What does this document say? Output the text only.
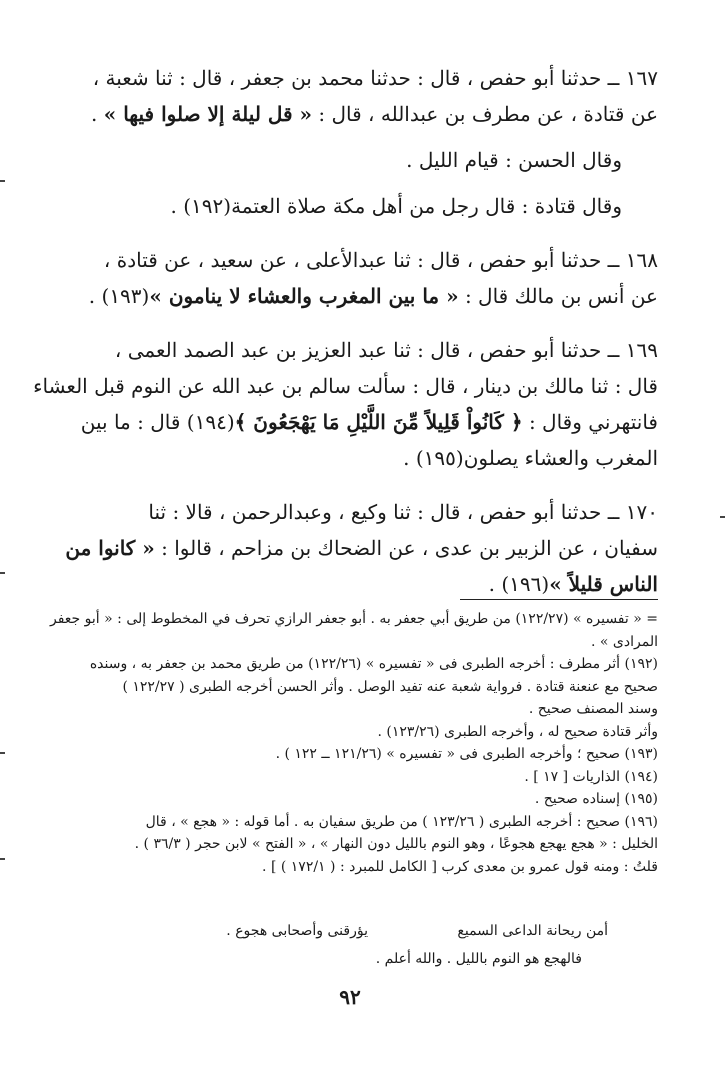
١٦٧ ــ حدثنا أبو حفص ، قال : حدثنا محمد بن جعفر ، قال : ثنا شعبة ،
عن قتادة ، عن مطرف بن عبدالله ، قال : « قل ليلة إلا صلوا فيها » .
وقال الحسن : قيام الليل .
وقال قتادة : قال رجل من أهل مكة صلاة العتمة(١٩٢) .
١٦٨ ــ حدثنا أبو حفص ، قال : ثنا عبدالأعلى ، عن سعيد ، عن قتادة ،
عن أنس بن مالك قال : « ما بين المغرب والعشاء لا ينامون »(١٩٣) .
١٦٩ ــ حدثنا أبو حفص ، قال : ثنا عبد العزيز بن عبد الصمد العمى ،
قال : ثنا مالك بن دينار ، قال : سألت سالم بن عبد الله عن النوم قبل العشاء
فانتهرني وقال : ﴿ كَانُواْ قَلِيلاً مِّنَ اللَّيْلِ مَا يَهْجَعُونَ ﴾(١٩٤) قال : ما بين
المغرب والعشاء يصلون(١٩٥) .
١٧٠ ــ حدثنا أبو حفص ، قال : ثنا وكيع ، وعبدالرحمن ، قالا : ثنا
سفيان ، عن الزبير بن عدى ، عن الضحاك بن مزاحم ، قالوا : « كانوا من
الناس قليلاً »(١٩٦) .
= « تفسيره » (١٢٢/٢٧) من طريق أبي جعفر به . أبو جعفر الرازي تحرف في المخطوط إلى : « أبو جعفر
المرادى » .
(١٩٢) أثر مطرف : أخرجه الطبرى فى « تفسيره » (١٢٢/٢٦) من طريق محمد بن جعفر به ، وسنده
صحيح مع عنعنة قتادة . فرواية شعبة عنه تفيد الوصل . وأثر الحسن أخرجه الطبرى ( ١٢٢/٢٧ )
وسند المصنف صحيح .
وأثر قتادة صحيح له ، وأخرجه الطبرى (١٢٣/٢٦) .
(١٩٣) صحيح ؛ وأخرجه الطبرى فى « تفسيره » (١٢١/٢٦ ــ ١٢٢ ) .
(١٩٤) الذاريات [ ١٧ ] .
(١٩٥) إسناده صحيح .
(١٩٦) صحيح : أخرجه الطبرى ( ١٢٣/٢٦ ) من طريق سفيان به . أما قوله : « هجع » ، قال
الخليل : « هجع يهجع هجوعًا ، وهو النوم بالليل دون النهار » ، « الفتح » لابن حجر ( ٣٦/٣ ) .
قلتُ : ومنه قول عمرو بن معدى كرب [ الكامل للمبرد : ( ١٧٢/١ ) ] .
أمن ريحانة الداعى السميع
يؤرقنى وأصحابى هجوع .
فالهجع هو النوم بالليل . والله أعلم .
٩٢
